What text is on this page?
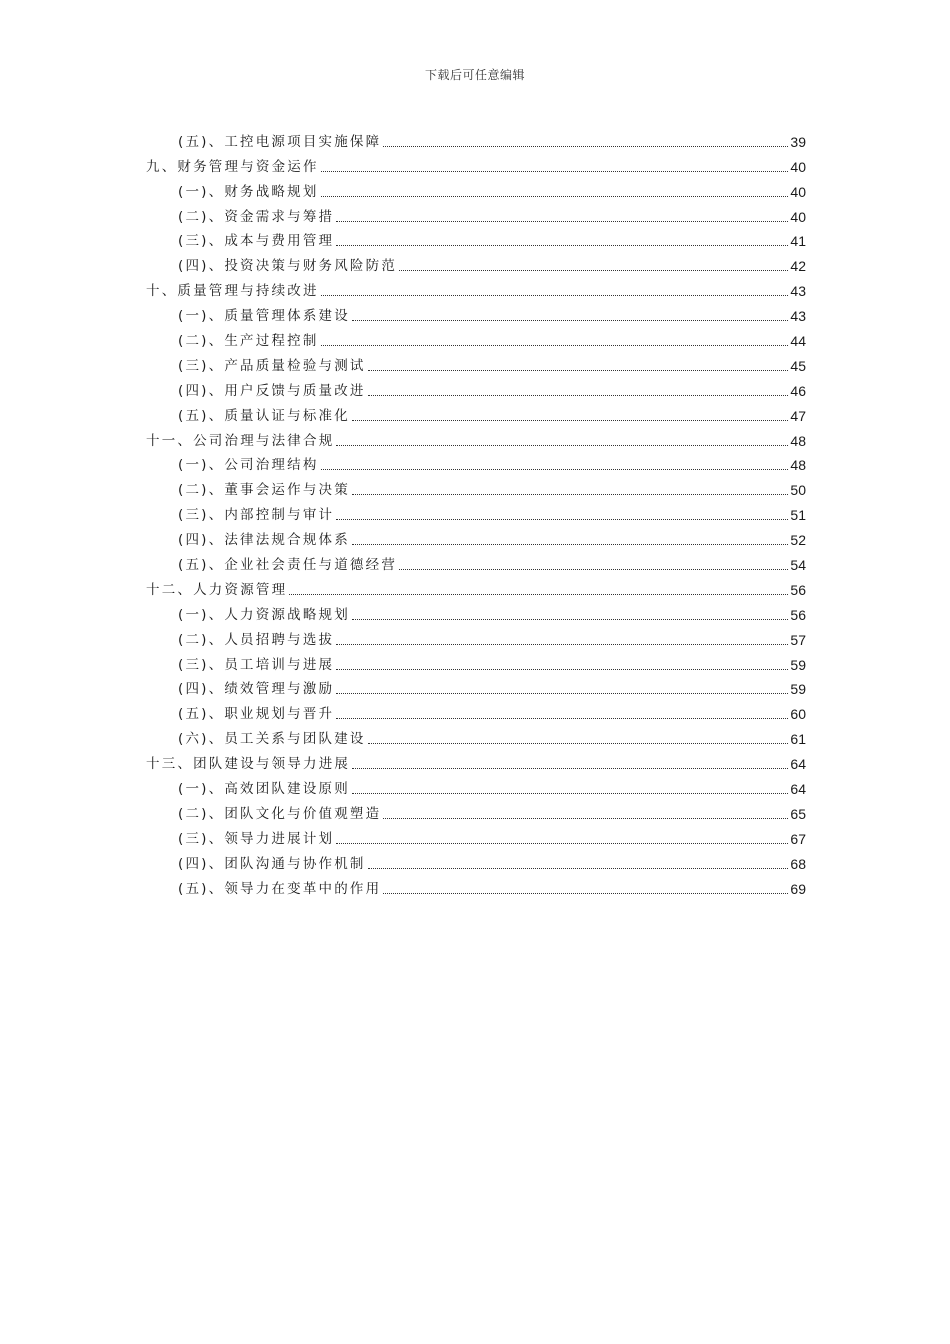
下载后可任意编辑
(五)、工控电源项目实施保障	39
九、财务管理与资金运作	40
(一)、财务战略规划	40
(二)、资金需求与筹措	40
(三)、成本与费用管理	41
(四)、投资决策与财务风险防范	42
十、质量管理与持续改进	43
(一)、质量管理体系建设	43
(二)、生产过程控制	44
(三)、产品质量检验与测试	45
(四)、用户反馈与质量改进	46
(五)、质量认证与标准化	47
十一、公司治理与法律合规	48
(一)、公司治理结构	48
(二)、董事会运作与决策	50
(三)、内部控制与审计	51
(四)、法律法规合规体系	52
(五)、企业社会责任与道德经营	54
十二、人力资源管理	56
(一)、人力资源战略规划	56
(二)、人员招聘与选拔	57
(三)、员工培训与进展	59
(四)、绩效管理与激励	59
(五)、职业规划与晋升	60
(六)、员工关系与团队建设	61
十三、团队建设与领导力进展	64
(一)、高效团队建设原则	64
(二)、团队文化与价值观塑造	65
(三)、领导力进展计划	67
(四)、团队沟通与协作机制	68
(五)、领导力在变革中的作用	69
